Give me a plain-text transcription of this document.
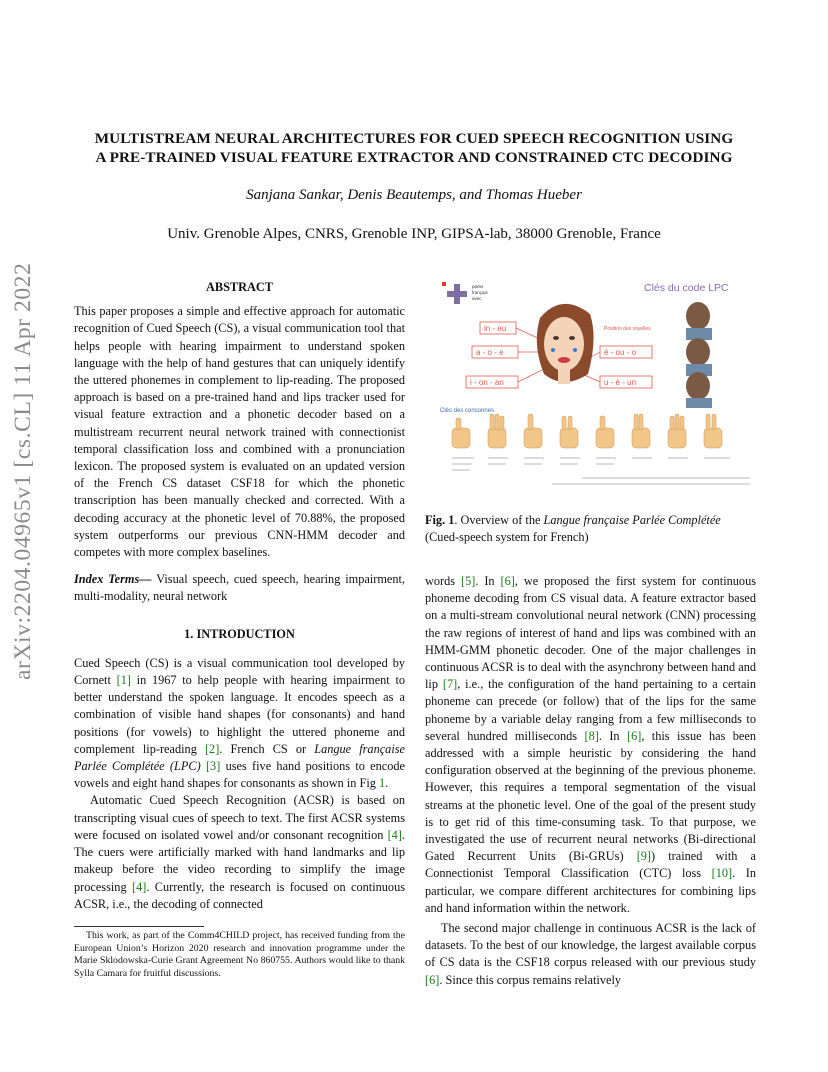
arXiv:2204.04965v1 [cs.CL] 11 Apr 2022
MULTISTREAM NEURAL ARCHITECTURES FOR CUED SPEECH RECOGNITION USING
A PRE-TRAINED VISUAL FEATURE EXTRACTOR AND CONSTRAINED CTC DECODING
Sanjana Sankar, Denis Beautemps, and Thomas Hueber
Univ. Grenoble Alpes, CNRS, Grenoble INP, GIPSA-lab, 38000 Grenoble, France
ABSTRACT

This paper proposes a simple and effective approach for automatic recognition of Cued Speech (CS), a visual communication tool that helps people with hearing impairment to understand spoken language with the help of hand gestures that can uniquely identify the uttered phonemes in complement to lip-reading. The proposed approach is based on a pre-trained hand and lips tracker used for visual feature extraction and a phonetic decoder based on a multistream recurrent neural network trained with connectionist temporal classification loss and combined with a pronunciation lexicon. The proposed system is evaluated on an updated version of the French CS dataset CSF18 for which the phonetic transcription has been manually checked and corrected. With a decoding accuracy at the phonetic level of 70.88%, the proposed system outperforms our previous CNN-HMM decoder and competes with more complex baselines.

Index Terms— Visual speech, cued speech, hearing impairment, multi-modality, neural network

1. INTRODUCTION

Cued Speech (CS) is a visual communication tool developed by Cornett [1] in 1967 to help people with hearing impairment to better understand the spoken language. It encodes speech as a combination of visible hand shapes (for consonants) and hand positions (for vowels) to highlight the uttered phoneme and complement lip-reading [2]. French CS or Langue française Parlée Complétée (LPC) [3] uses five hand positions to encode vowels and eight hand shapes for consonants as shown in Fig 1.

Automatic Cued Speech Recognition (ACSR) is based on transcripting visual cues of speech to text. The first ACSR systems were focused on isolated vowel and/or consonant recognition [4]. The cuers were artificially marked with hand landmarks and lip makeup before the video recording to simplify the image processing [4]. Currently, the research is focused on continuous ACSR, i.e., the decoding of connected

This work, as part of the Comm4CHILD project, has received funding from the European Union’s Horizon 2020 research and innovation programme under the Marie Sklodowska-Curie Grant Agreement No 860755. Authors would like to thank Sylla Camara for fruitful discussions.
parler
français
avec
Clés du code LPC
in - eu
a - o - e
i - on - an
é - ou - o
u - è - un
Position des voyelles
Clés des consonnes
Fig. 1. Overview of the Langue française Parlée Complétée (Cued-speech system for French)

words [5]. In [6], we proposed the first system for continuous phoneme decoding from CS visual data. A feature extractor based on a multi-stream convolutional neural network (CNN) processing the raw regions of interest of hand and lips was combined with an HMM-GMM phonetic decoder. One of the major challenges in continuous ACSR is to deal with the asynchrony between hand and lip [7], i.e., the configuration of the hand pertaining to a certain phoneme can precede (or follow) that of the lips for the same phoneme by a variable delay ranging from a few milliseconds to several hundred milliseconds [8]. In [6], this issue has been addressed with a simple heuristic by considering the hand configuration observed at the beginning of the previous phoneme. However, this requires a temporal segmentation of the visual streams at the phonetic level. One of the goal of the present study is to get rid of this time-consuming task. To that purpose, we investigated the use of recurrent neural networks (Bi-directional Gated Recurrent Units (Bi-GRUs) [9]) trained with a Connectionist Temporal Classification (CTC) loss [10]. In particular, we compare different architectures for combining lips and hand information within the network.

The second major challenge in continuous ACSR is the lack of datasets. To the best of our knowledge, the largest available corpus of CS data is the CSF18 corpus released with our previous study [6]. Since this corpus remains relatively
